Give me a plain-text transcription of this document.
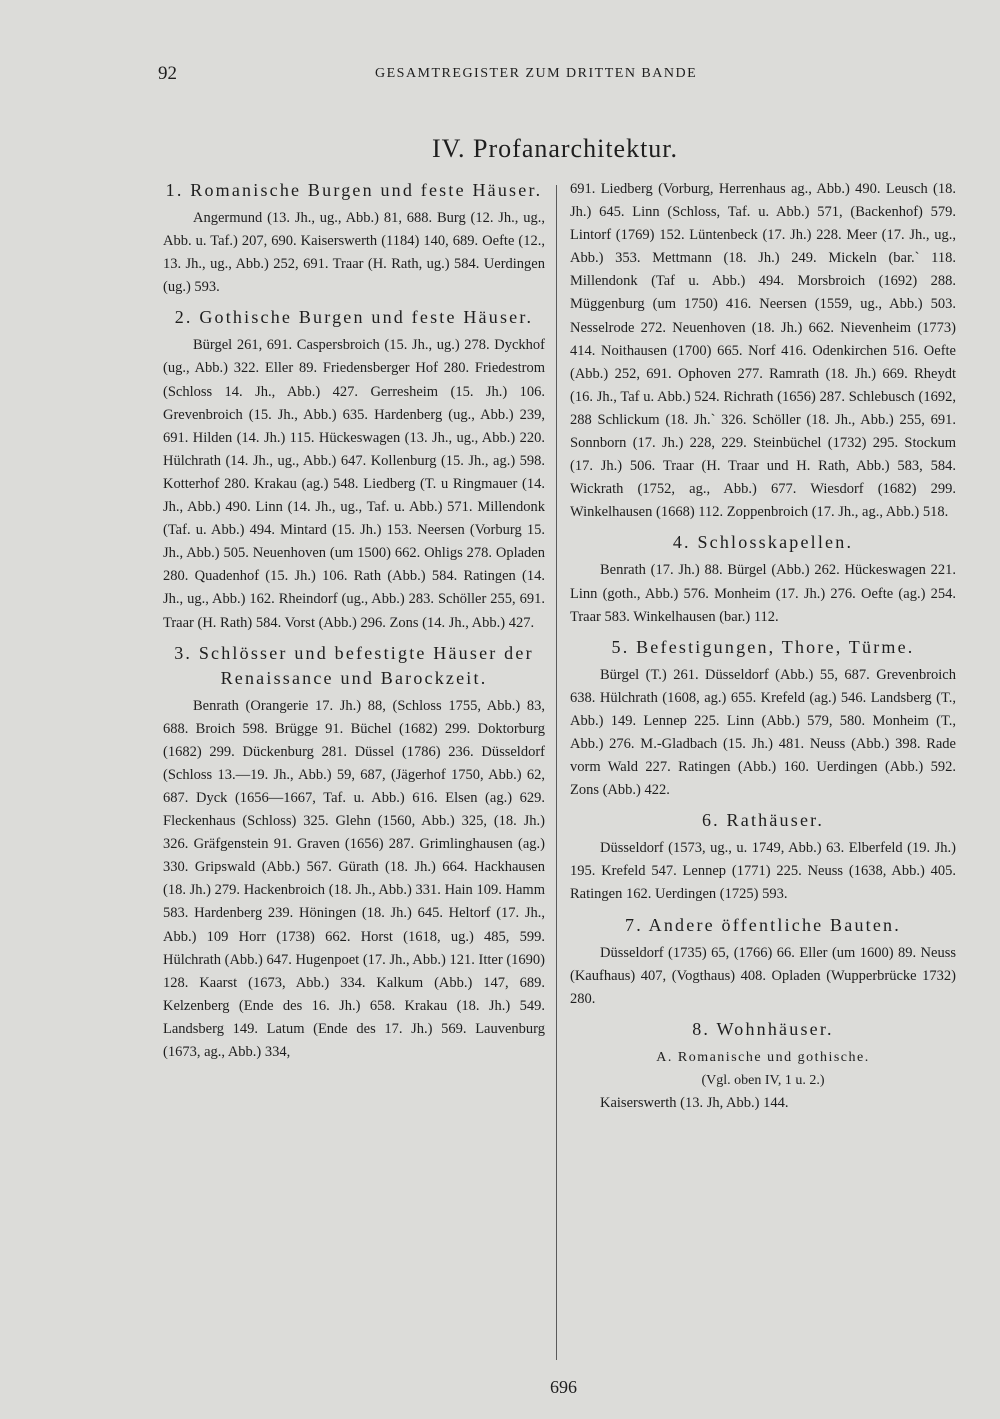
92	GESAMTREGISTER ZUM DRITTEN BANDE
IV. Profanarchitektur.
1. Romanische Burgen und feste Häuser.

Angermund (13. Jh., ug., Abb.) 81, 688. Burg (12. Jh., ug., Abb. u. Taf.) 207, 690. Kaiserswerth (1184) 140, 689. Oefte (12., 13. Jh., ug., Abb.) 252, 691. Traar (H. Rath, ug.) 584. Uerdingen (ug.) 593.

2. Gothische Burgen und feste Häuser.

Bürgel 261, 691. Caspersbroich (15. Jh., ug.) 278. Dyckhof (ug., Abb.) 322. Eller 89. Friedensberger Hof 280. Friedestrom (Schloss 14. Jh., Abb.) 427. Gerresheim (15. Jh.) 106. Grevenbroich (15. Jh., Abb.) 635. Hardenberg (ug., Abb.) 239, 691. Hilden (14. Jh.) 115. Hückeswagen (13. Jh., ug., Abb.) 220. Hülchrath (14. Jh., ug., Abb.) 647. Kollenburg (15. Jh., ag.) 598. Kotterhof 280. Krakau (ag.) 548. Liedberg (T. u Ringmauer (14. Jh., Abb.) 490. Linn (14. Jh., ug., Taf. u. Abb.) 571. Millendonk (Taf. u. Abb.) 494. Mintard (15. Jh.) 153. Neersen (Vorburg 15. Jh., Abb.) 505. Neuenhoven (um 1500) 662. Ohligs 278. Opladen 280. Quadenhof (15. Jh.) 106. Rath (Abb.) 584. Ratingen (14. Jh., ug., Abb.) 162. Rheindorf (ug., Abb.) 283. Schöller 255, 691. Traar (H. Rath) 584. Vorst (Abb.) 296. Zons (14. Jh., Abb.) 427.

3. Schlösser und befestigte Häuser der Renaissance und Barockzeit.

Benrath (Orangerie 17. Jh.) 88, (Schloss 1755, Abb.) 83, 688. Broich 598. Brügge 91. Büchel (1682) 299. Doktorburg (1682) 299. Dückenburg 281. Düssel (1786) 236. Düsseldorf (Schloss 13.—19. Jh., Abb.) 59, 687, (Jägerhof 1750, Abb.) 62, 687. Dyck (1656—1667, Taf. u. Abb.) 616. Elsen (ag.) 629. Fleckenhaus (Schloss) 325. Glehn (1560, Abb.) 325, (18. Jh.) 326. Gräfgenstein 91. Graven (1656) 287. Grimlinghausen (ag.) 330. Gripswald (Abb.) 567. Gürath (18. Jh.) 664. Hackhausen (18. Jh.) 279. Hackenbroich (18. Jh., Abb.) 331. Hain 109. Hamm 583. Hardenberg 239. Höningen (18. Jh.) 645. Heltorf (17. Jh., Abb.) 109 Horr (1738) 662. Horst (1618, ug.) 485, 599. Hülchrath (Abb.) 647. Hugenpoet (17. Jh., Abb.) 121. Itter (1690) 128. Kaarst (1673, Abb.) 334. Kalkum (Abb.) 147, 689. Kelzenberg (Ende des 16. Jh.) 658. Krakau (18. Jh.) 549. Landsberg 149. Latum (Ende des 17. Jh.) 569. Lauvenburg (1673, ag., Abb.) 334,

691. Liedberg (Vorburg, Herrenhaus ag., Abb.) 490. Leusch (18. Jh.) 645. Linn (Schloss, Taf. u. Abb.) 571, (Backenhof) 579. Lintorf (1769) 152. Lüntenbeck (17. Jh.) 228. Meer (17. Jh., ug., Abb.) 353. Mettmann (18. Jh.) 249. Mickeln (bar.` 118. Millendonk (Taf u. Abb.) 494. Morsbroich (1692) 288. Müggenburg (um 1750) 416. Neersen (1559, ug., Abb.) 503. Nesselrode 272. Neuenhoven (18. Jh.) 662. Nievenheim (1773) 414. Noithausen (1700) 665. Norf 416. Odenkirchen 516. Oefte (Abb.) 252, 691. Ophoven 277. Ramrath (18. Jh.) 669. Rheydt (16. Jh., Taf u. Abb.) 524. Richrath (1656) 287. Schlebusch (1692, 288 Schlickum (18. Jh.` 326. Schöller (18. Jh., Abb.) 255, 691. Sonnborn (17. Jh.) 228, 229. Steinbüchel (1732) 295. Stockum (17. Jh.) 506. Traar (H. Traar und H. Rath, Abb.) 583, 584. Wickrath (1752, ag., Abb.) 677. Wiesdorf (1682) 299. Winkelhausen (1668) 112. Zoppenbroich (17. Jh., ag., Abb.) 518.

4. Schlosskapellen.

Benrath (17. Jh.) 88. Bürgel (Abb.) 262. Hückeswagen 221. Linn (goth., Abb.) 576. Monheim (17. Jh.) 276. Oefte (ag.) 254. Traar 583. Winkelhausen (bar.) 112.

5. Befestigungen, Thore, Türme.

Bürgel (T.) 261. Düsseldorf (Abb.) 55, 687. Grevenbroich 638. Hülchrath (1608, ag.) 655. Krefeld (ag.) 546. Landsberg (T., Abb.) 149. Lennep 225. Linn (Abb.) 579, 580. Monheim (T., Abb.) 276. M.-Gladbach (15. Jh.) 481. Neuss (Abb.) 398. Rade vorm Wald 227. Ratingen (Abb.) 160. Uerdingen (Abb.) 592. Zons (Abb.) 422.

6. Rathäuser.

Düsseldorf (1573, ug., u. 1749, Abb.) 63. Elberfeld (19. Jh.) 195. Krefeld 547. Lennep (1771) 225. Neuss (1638, Abb.) 405. Ratingen 162. Uerdingen (1725) 593.

7. Andere öffentliche Bauten.

Düsseldorf (1735) 65, (1766) 66. Eller (um 1600) 89. Neuss (Kaufhaus) 407, (Vogthaus) 408. Opladen (Wupperbrücke 1732) 280.

8. Wohnhäuser.
A. Romanische und gothische.
(Vgl. oben IV, 1 u. 2.)

Kaiserswerth (13. Jh, Abb.) 144.

696
